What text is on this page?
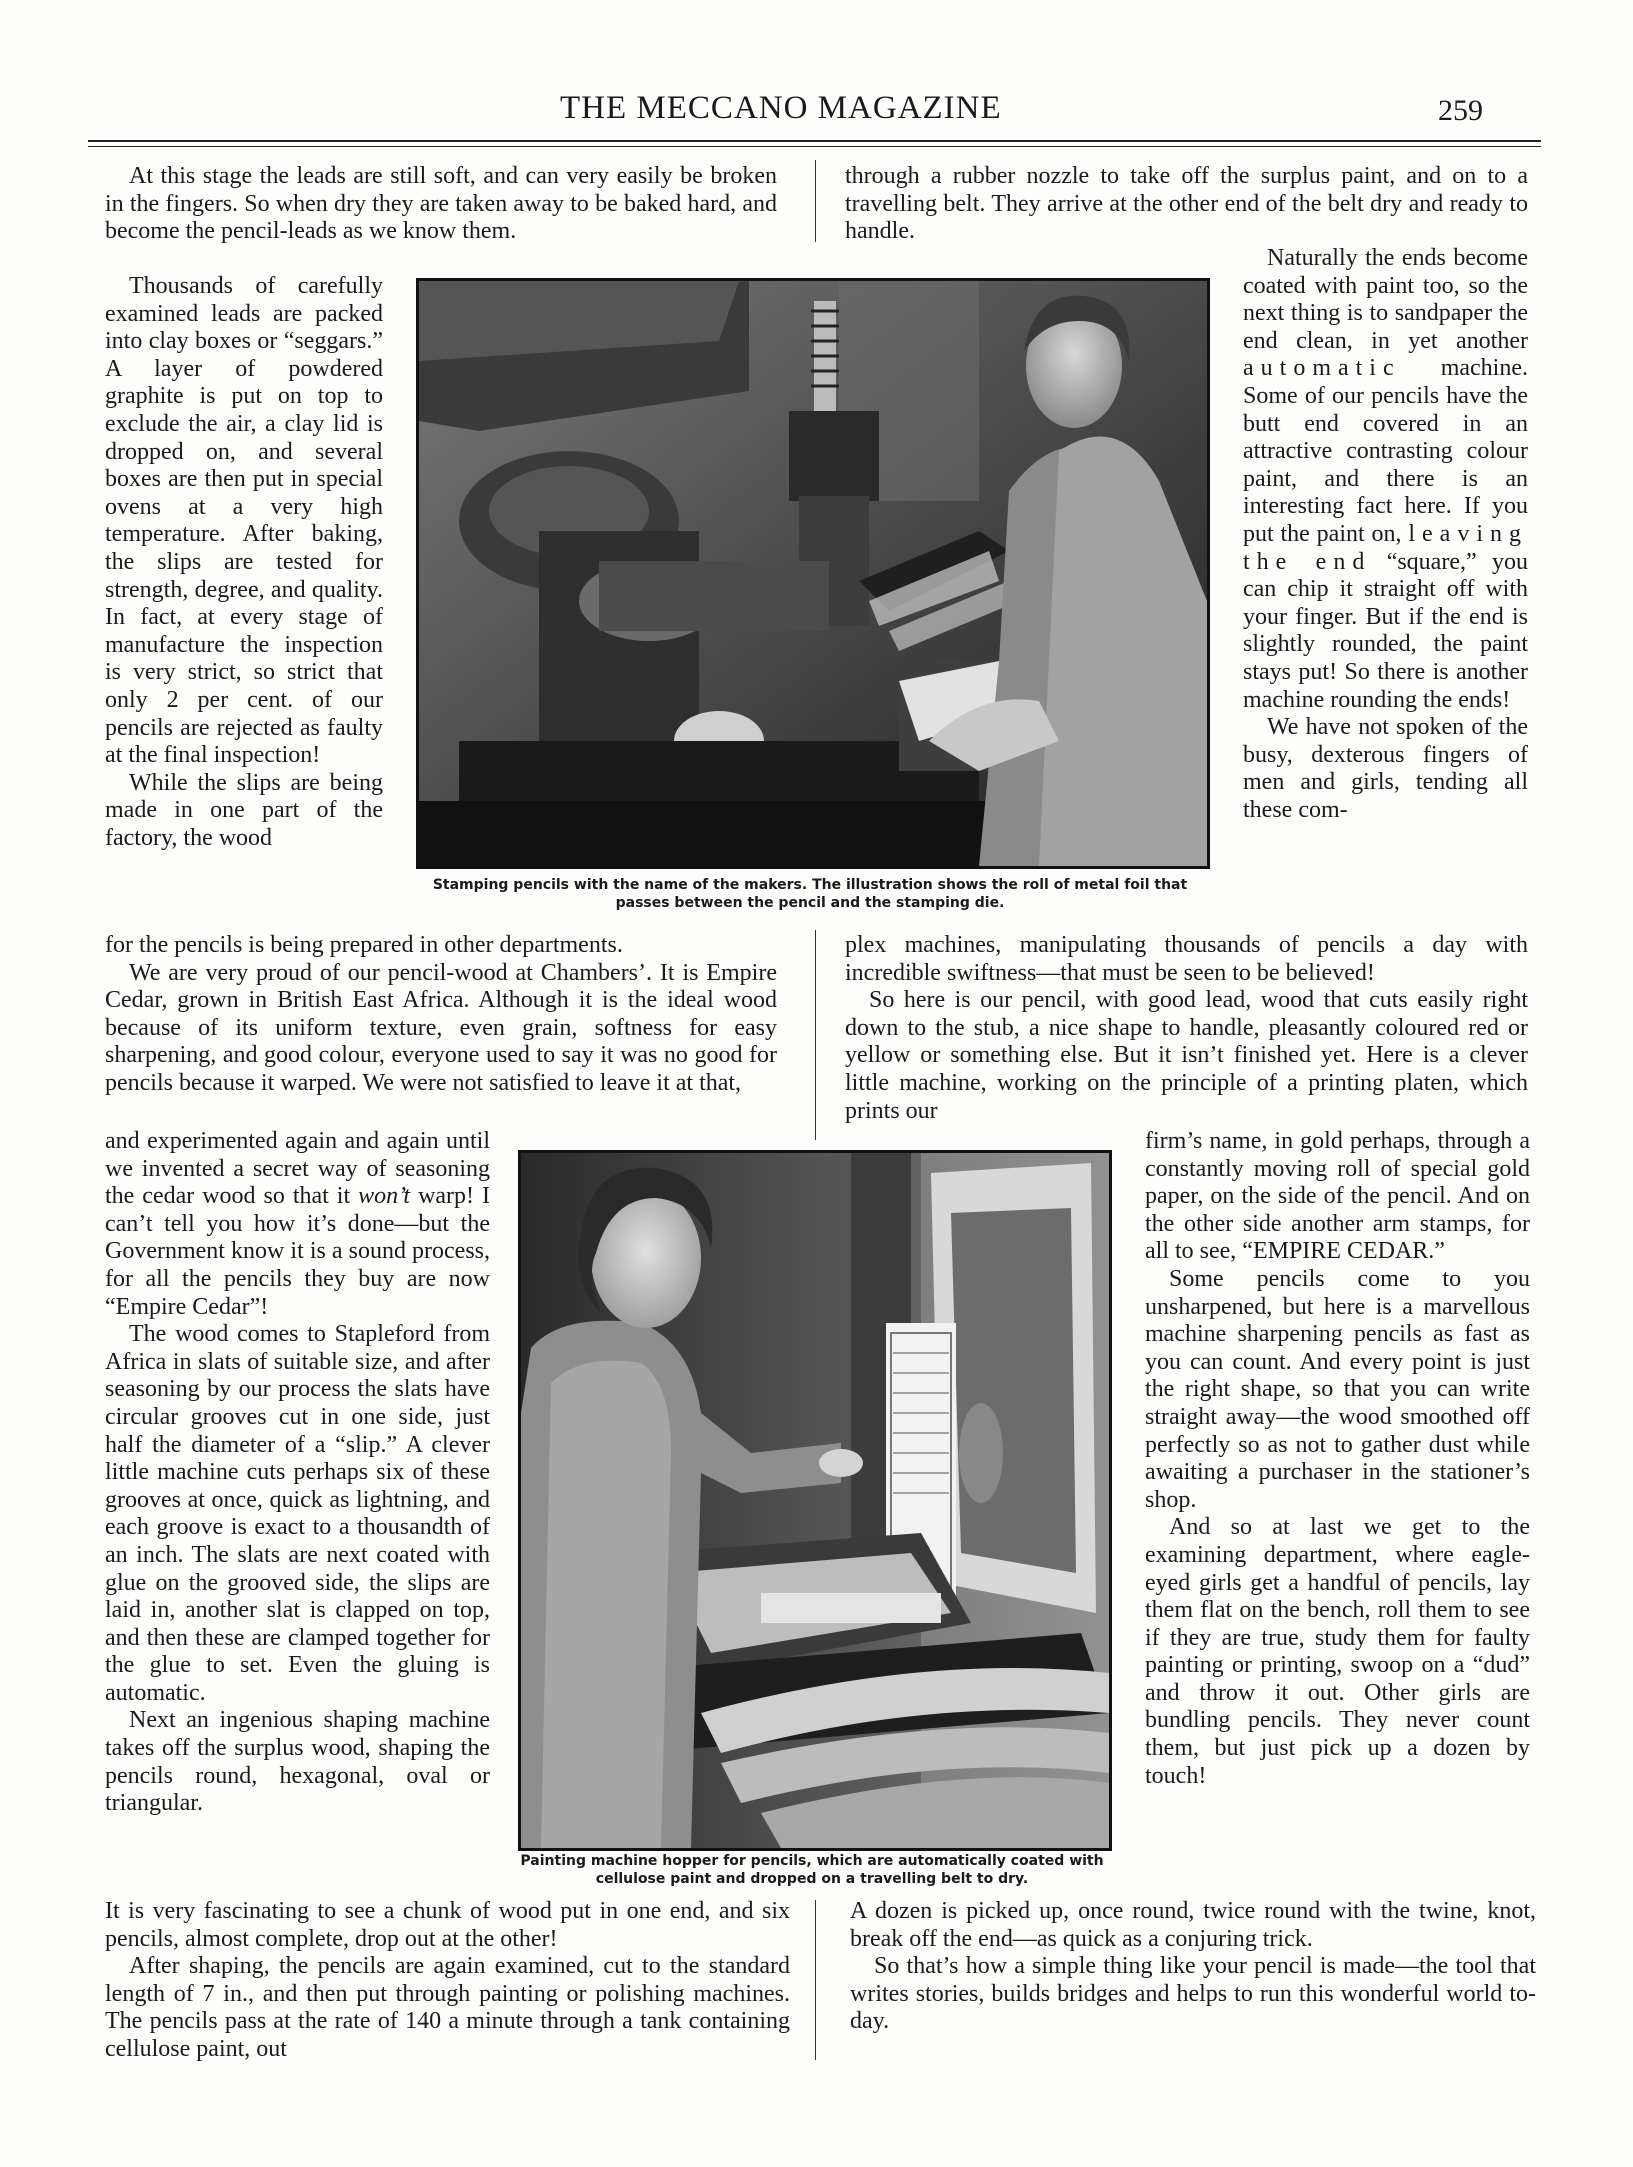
THE MECCANO MAGAZINE	259

At this stage the leads are still soft, and can very easily be broken in the fingers. So when dry they are taken away to be baked hard, and become the pencil-leads as we know them.

Thousands of carefully examined leads are packed into clay boxes or “seggars.” A layer of powdered graphite is put on top to exclude the air, a clay lid is dropped on, and several boxes are then put in special ovens at a very high temperature. After baking, the slips are tested for strength, degree, and quality. In fact, at every stage of manufacture the inspection is very strict, so strict that only 2 per cent. of our pencils are rejected as faulty at the final inspection!

While the slips are being made in one part of the factory, the wood

Stamping pencils with the name of the makers. The illustration shows the roll of metal foil that passes between the pencil and the stamping die.

through a rubber nozzle to take off the surplus paint, and on to a travelling belt. They arrive at the other end of the belt dry and ready to handle.

Naturally the ends become coated with paint too, so the next thing is to sandpaper the end clean, in yet another automatic machine. Some of our pencils have the butt end covered in an attractive contrasting colour paint, and there is an interesting fact here. If you put the paint on, leaving the end “square,” you can chip it straight off with your finger. But if the end is slightly rounded, the paint stays put! So there is another machine rounding the ends!

We have not spoken of the busy, dexterous fingers of men and girls, tending all these com-

for the pencils is being prepared in other departments.

We are very proud of our pencil-wood at Chambers’. It is Empire Cedar, grown in British East Africa. Although it is the ideal wood because of its uniform texture, even grain, softness for easy sharpening, and good colour, everyone used to say it was no good for pencils because it warped. We were not satisfied to leave it at that,

plex machines, manipulating thousands of pencils a day with incredible swiftness—that must be seen to be believed!

So here is our pencil, with good lead, wood that cuts easily right down to the stub, a nice shape to handle, pleasantly coloured red or yellow or something else. But it isn’t finished yet. Here is a clever little machine, working on the principle of a printing platen, which prints our

and experimented again and again until we invented a secret way of seasoning the cedar wood so that it won’t warp! I can’t tell you how it’s done—but the Government know it is a sound process, for all the pencils they buy are now “Empire Cedar”!

The wood comes to Stapleford from Africa in slats of suitable size, and after seasoning by our process the slats have circular grooves cut in one side, just half the diameter of a “slip.” A clever little machine cuts perhaps six of these grooves at once, quick as lightning, and each groove is exact to a thousandth of an inch. The slats are next coated with glue on the grooved side, the slips are laid in, another slat is clapped on top, and then these are clamped together for the glue to set. Even the gluing is automatic.

Next an ingenious shaping machine takes off the surplus wood, shaping the pencils round, hexagonal, oval or triangular.

Painting machine hopper for pencils, which are automatically coated with cellulose paint and dropped on a travelling belt to dry.

firm’s name, in gold perhaps, through a constantly moving roll of special gold paper, on the side of the pencil. And on the other side another arm stamps, for all to see, “EMPIRE CEDAR.”

Some pencils come to you unsharpened, but here is a marvellous machine sharpening pencils as fast as you can count. And every point is just the right shape, so that you can write straight away—the wood smoothed off perfectly so as not to gather dust while awaiting a purchaser in the stationer’s shop.

And so at last we get to the examining department, where eagle-eyed girls get a handful of pencils, lay them flat on the bench, roll them to see if they are true, study them for faulty painting or printing, swoop on a “dud” and throw it out. Other girls are bundling pencils. They never count them, but just pick up a dozen by touch!

It is very fascinating to see a chunk of wood put in one end, and six pencils, almost complete, drop out at the other!

After shaping, the pencils are again examined, cut to the standard length of 7 in., and then put through painting or polishing machines. The pencils pass at the rate of 140 a minute through a tank containing cellulose paint, out

A dozen is picked up, once round, twice round with the twine, knot, break off the end—as quick as a conjuring trick.

So that’s how a simple thing like your pencil is made—the tool that writes stories, builds bridges and helps to run this wonderful world to-day.
